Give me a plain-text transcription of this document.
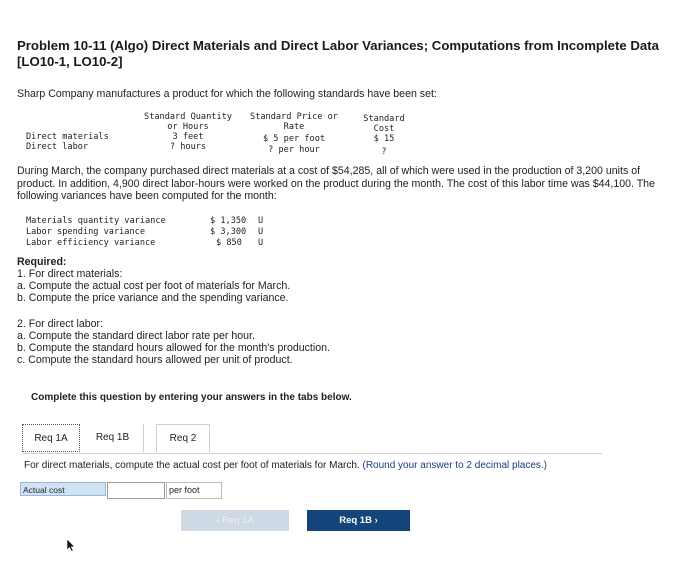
Problem 10-11 (Algo) Direct Materials and Direct Labor Variances; Computations from Incomplete Data [LO10-1, LO10-2]
Sharp Company manufactures a product for which the following standards have been set:
Standard Quantity
or Hours
Standard Price or
Rate
Standard
Cost
Direct materials	3 feet	$ 5 per foot	$ 15
Direct labor	? hours	? per hour	?
During March, the company purchased direct materials at a cost of $54,285, all of which were used in the production of 3,200 units of product. In addition, 4,900 direct labor-hours were worked on the product during the month. The cost of this labor time was $44,100. The following variances have been computed for the month:
Materials quantity variance	$ 1,350 U
Labor spending variance	$ 3,300 U
Labor efficiency variance	$ 850 U
Required:
1. For direct materials:
a. Compute the actual cost per foot of materials for March.
b. Compute the price variance and the spending variance.
2. For direct labor:
a. Compute the standard direct labor rate per hour.
b. Compute the standard hours allowed for the month's production.
c. Compute the standard hours allowed per unit of product.
Complete this question by entering your answers in the tabs below.
Req 1A	Req 1B	Req 2
For direct materials, compute the actual cost per foot of materials for March. (Round your answer to 2 decimal places.)
Actual cost	per foot
‹ Req 1A	Req 1B ›
